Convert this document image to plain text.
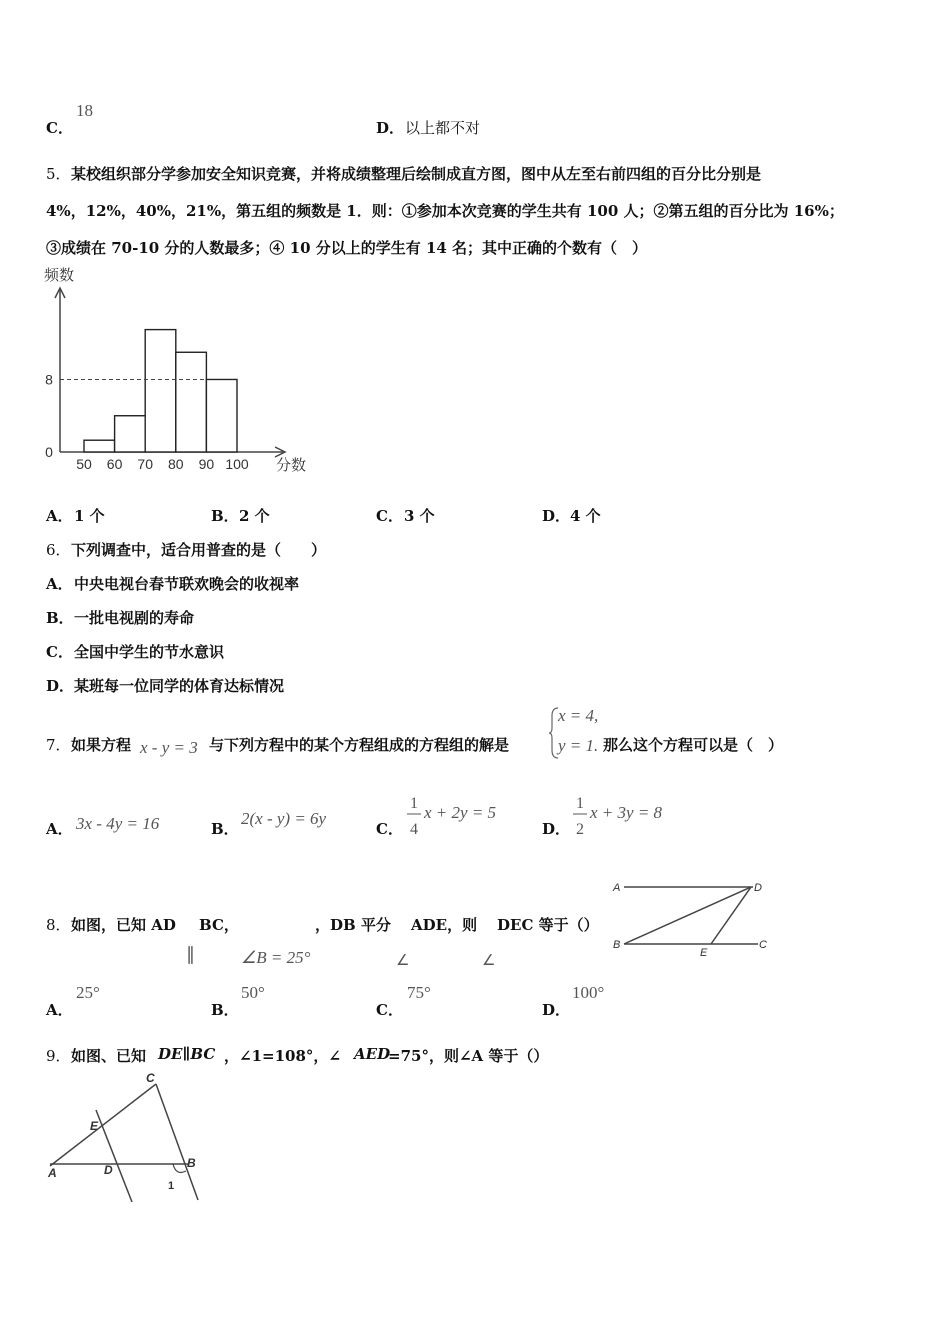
C．
18
D． 以上都不对
5． 某校组织部分学参加安全知识竞赛，并将成绩整理后绘制成直方图，图中从左至右前四组的百分比分别是
4%，12%，40%，21%，第五组的频数是 1．则：①参加本次竞赛的学生共有 100 人；②第五组的百分比为 16%；
③成绩在 70-10 分的人数最多；④ 10 分以上的学生有 14 名；其中正确的个数有（　）
频数
分数
50 60 70 80 90 100
0
8
A． 1 个	B． 2 个	C． 3 个	D． 4 个
6． 下列调查中，适合用普查的是（　　）
A． 中央电视台春节联欢晚会的收视率
B． 一批电视剧的寿命
C． 全国中学生的节水意识
D． 某班每一位同学的体育达标情况
7． 如果方程 x - y = 3 与下列方程中的某个方程组成的方程组的解是
x = 4,
y = 1. 那么这个方程可以是（　）
A． 3x - 4y = 16	B．
2(x - y) = 6y
C．
1
4
x + 2y = 5
D．
1
2
x + 3y = 8
8． 如图，已知 AD BC，	，DB 平分 ADE，则 DEC 等于（）
∥	∠B = 25°	∠	∠
A	D
B
E
C
A．
25°
B．
50°
C．
75°
D．
100°
9． 如图、已知 DE∥BC ，∠1=108°，∠ AED
=75°，则∠A 等于（）
C
E
A	D	B
1
